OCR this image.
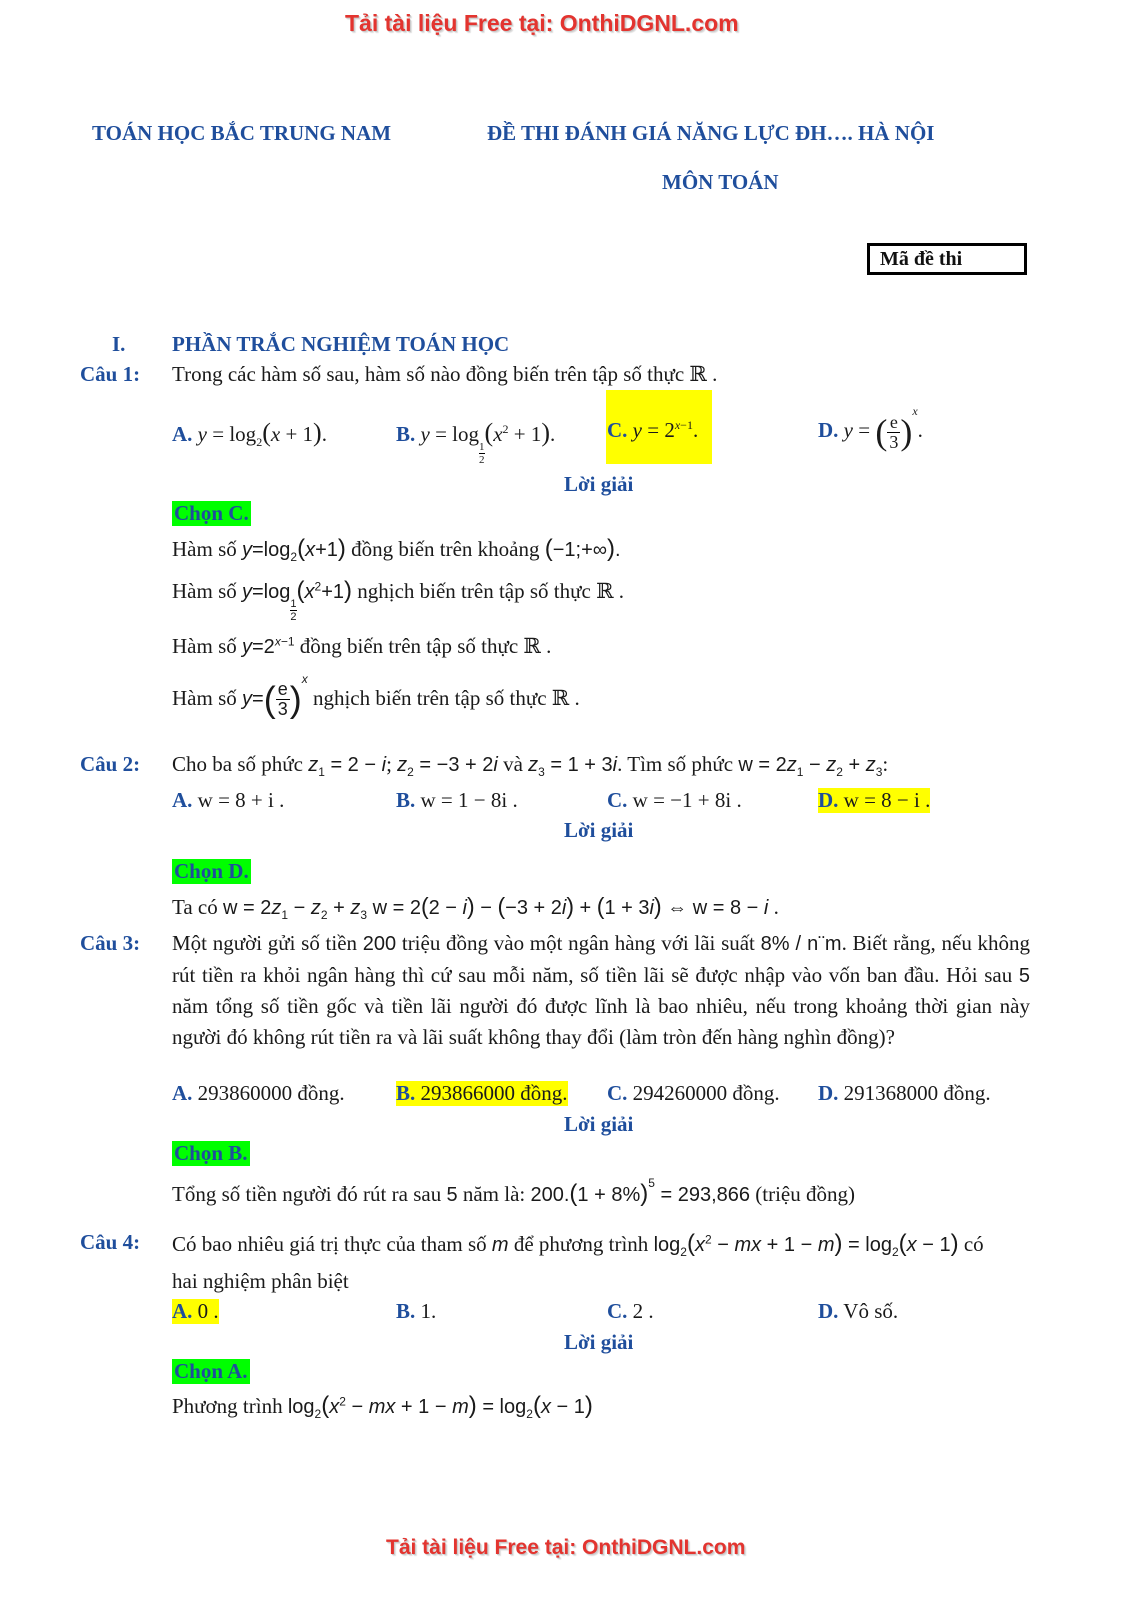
Tải tài liệu Free tại: OnthiDGNL.com
Tải tài liệu Free tại: OnthiDGNL.com
TOÁN HỌC BẮC TRUNG NAM	ĐỀ THI ĐÁNH GIÁ NĂNG LỰC ĐH…. HÀ NỘI
MÔN TOÁN
Mã đề thi
I. PHẦN TRẮC NGHIỆM TOÁN HỌC
Câu 1: Trong các hàm số sau, hàm số nào đồng biến trên tập số thực ℝ .
A. $y = \log_2(x + 1)$.	B. y = log
$\frac{1}{2}$
$(x^2 + 1)$. C. $y = 2^{x-1}$.	D. y = ( $\frac{e}{3} )^x$.
Lời giải
Chọn C.
Hàm số $y=\log_2(x+1)$ đồng biến trên khoảng (−1;+∞).
Hàm số y=log
$\frac{1}{2}$
$(x^2+1)$ nghịch biến trên tập số thực ℝ .
Hàm số $y=2^{x-1}$ đồng biến trên tập số thực ℝ .
Hàm số $y=( \frac{e}{3} )^x$ nghịch biến trên tập số thực ℝ .
Câu 2: Cho ba số phức $z_1 = 2 - i$; $z_2 = -3 + 2i$ và $z_3 = 1 + 3i$. Tìm số phức $w = 2z_1 - z_2 + z_3$:
A. w = 8 + i .	B. w = 1 − 8i .	C. w = −1 + 8i .	D. w = 8 − i .
Lời giải
Chọn D.
Ta có $w = 2z_1 - z_2 + z_3$ w = 2(2 − i) − (−3 + 2i) + (1 + 3i) ⇔ w = 8 − i .
Câu 3: Một người gửi số tiền 200 triệu đồng vào một ngân hàng với lãi suất 8% / n¨m. Biết rằng, nếu không rút tiền ra khỏi ngân hàng thì cứ sau mỗi năm, số tiền lãi sẽ được nhập vào vốn ban đầu. Hỏi sau 5 năm tổng số tiền gốc và tiền lãi người đó được lĩnh là bao nhiêu, nếu trong khoảng thời gian này người đó không rút tiền ra và lãi suất không thay đổi (làm tròn đến hàng nghìn đồng)?
A. 293860000 đồng. B. 293866000 đồng. C. 294260000 đồng. D. 291368000 đồng.
Lời giải
Chọn B.
Tổng số tiền người đó rút ra sau 5 năm là: $200.(1 + 8\%)^5 = 293,866$ (triệu đồng)
Câu 4: Có bao nhiêu giá trị thực của tham số m để phương trình $\log_2(x^2$ − mx + $1 - m) = \log_2(x - 1)$ có
hai nghiệm phân biệt
A. 0 .	B. 1.	C. 2 .	D. Vô số.
Lời giải
Chọn A.
Phương trình $\log_2(x^2$ − mx + $1 - m) = \log_2(x - 1)$
